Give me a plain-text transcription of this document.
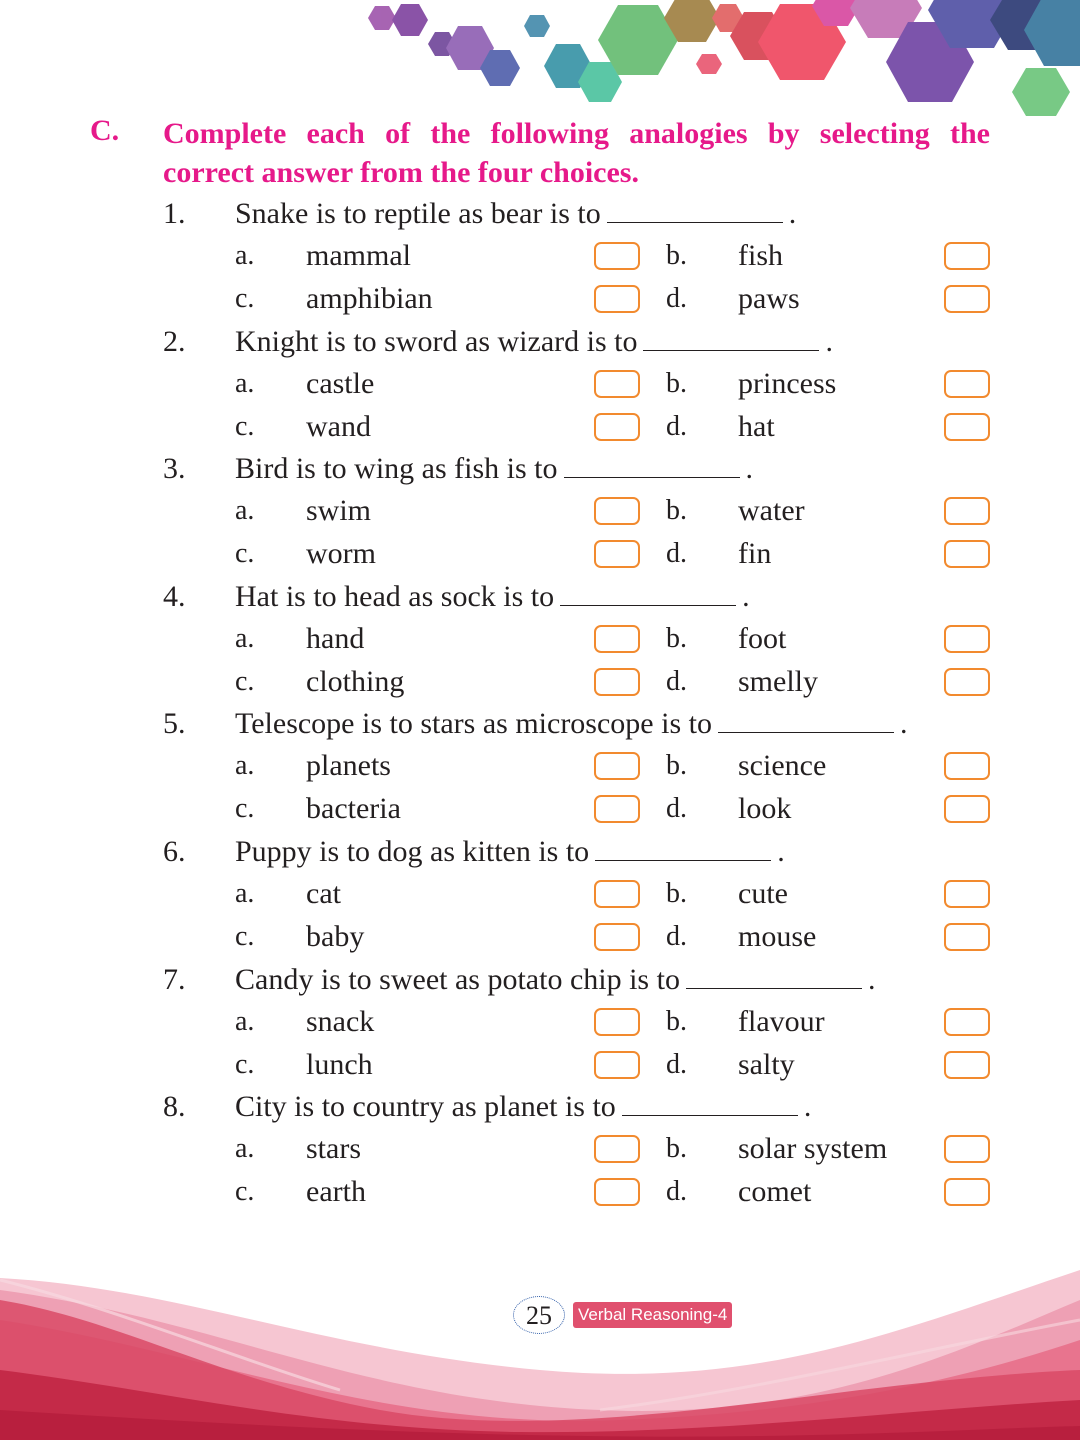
C. Complete each of the following analogies by selecting the
correct answer from the four choices.
1. Snake is to reptile as bear is to	.
a. mammal	b. fish
c. amphibian	d. paws
2. Knight is to sword as wizard is to	.
a. castle	b. princess
c. wand	d. hat
3. Bird is to wing as fish is to	.
a. swim	b. water
c. worm	d. fin
4. Hat is to head as sock is to	.
a. hand	b. foot
c. clothing	d. smelly
5. Telescope is to stars as microscope is to	.
a. planets	b. science
c. bacteria	d. look
6. Puppy is to dog as kitten is to	.
a. cat	b. cute
c. baby	d. mouse
7. Candy is to sweet as potato chip is to	.
a. snack	b. flavour
c. lunch	d. salty
8. City is to country as planet is to	.
a. stars	b. solar system
c. earth	d. comet
25	Verbal Reasoning-4
